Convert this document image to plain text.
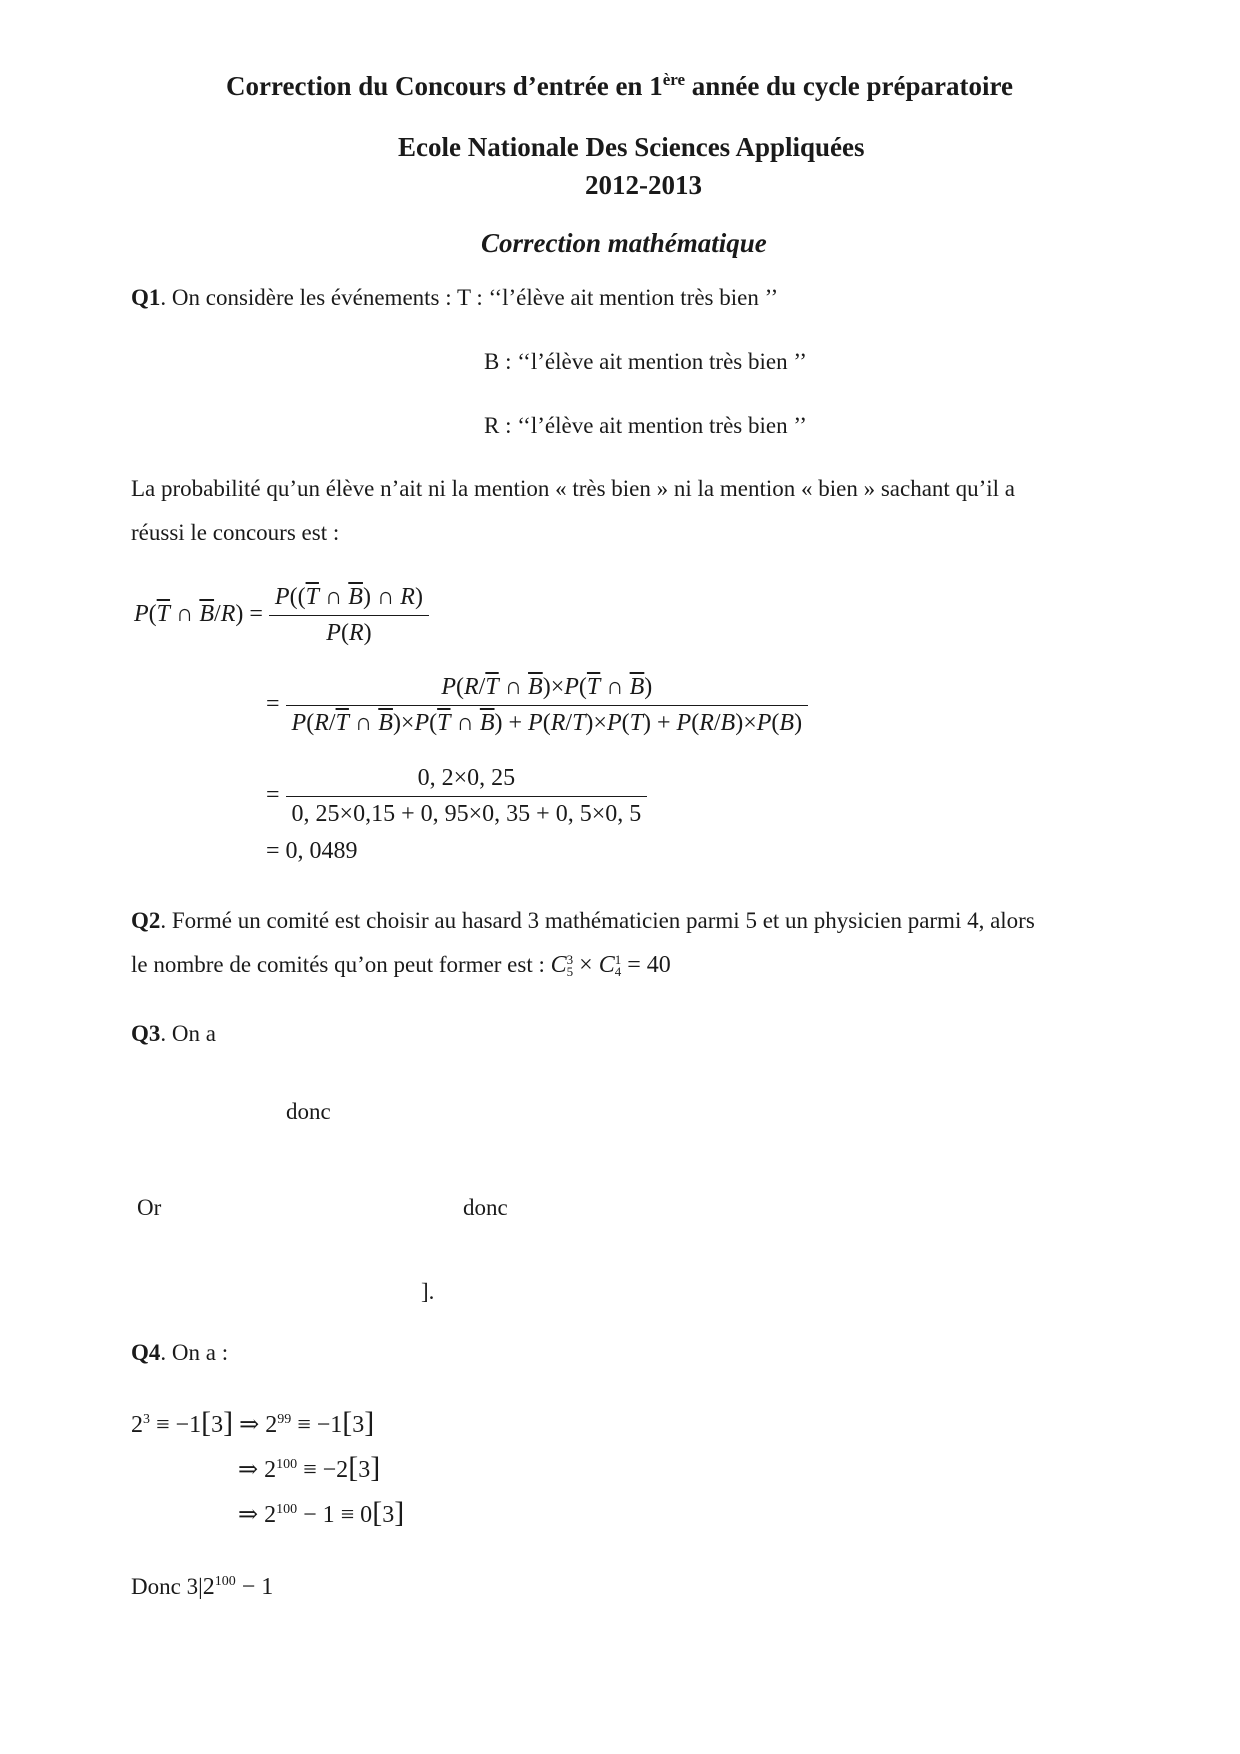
Correction du Concours d’entrée en 1ère année du cycle préparatoire
Ecole Nationale Des Sciences Appliquées
2012-2013
Correction mathématique
Q1. On considère les événements : T : ‘‘l’élève ait mention très bien ’’
B : ‘‘l’élève ait mention très bien ’’
R : ‘‘l’élève ait mention très bien ’’
La probabilité qu’un élève n’ait ni la mention « très bien » ni la mention « bien » sachant qu’il a
réussi le concours est :
$P(\overline{T}$ ∩ $\overline{B}/R) = \frac{P((\overline{T} \cap \overline{B}) \cap R)}{P(R)}$
= $\frac{P(R/\overline{T} \cap \overline{B})\times P(\overline{T} \cap \overline{B})}{P(R/\overline{T} \cap \overline{B})\times P(\overline{T} \cap \overline{B}) + P(R/T)\times P(T) + P(R/B)\times P(B)}$
= $\frac{0, 2\times 0, 25}{0, 25\times 0,15 + 0, 95\times 0, 35 + 0, 5\times 0, 5}$
= 0, 0489
Q2. Formé un comité est choisir au hasard 3 mathématicien parmi 5 et un physicien parmi 4, alors
le nombre de comités qu’on peut former est : C 3
5 × C 1
4 = 40
Q3. On a
donc
Or	donc
].
Q4. On a :
$2^3 \equiv -1[3]$ ⇒ $2^{99} \equiv -1[3]$
⇒ $2^{100} \equiv -2[3]$
⇒ $2^{100} - 1 \equiv 0[3]$
Donc $3|2^{100} - 1$
